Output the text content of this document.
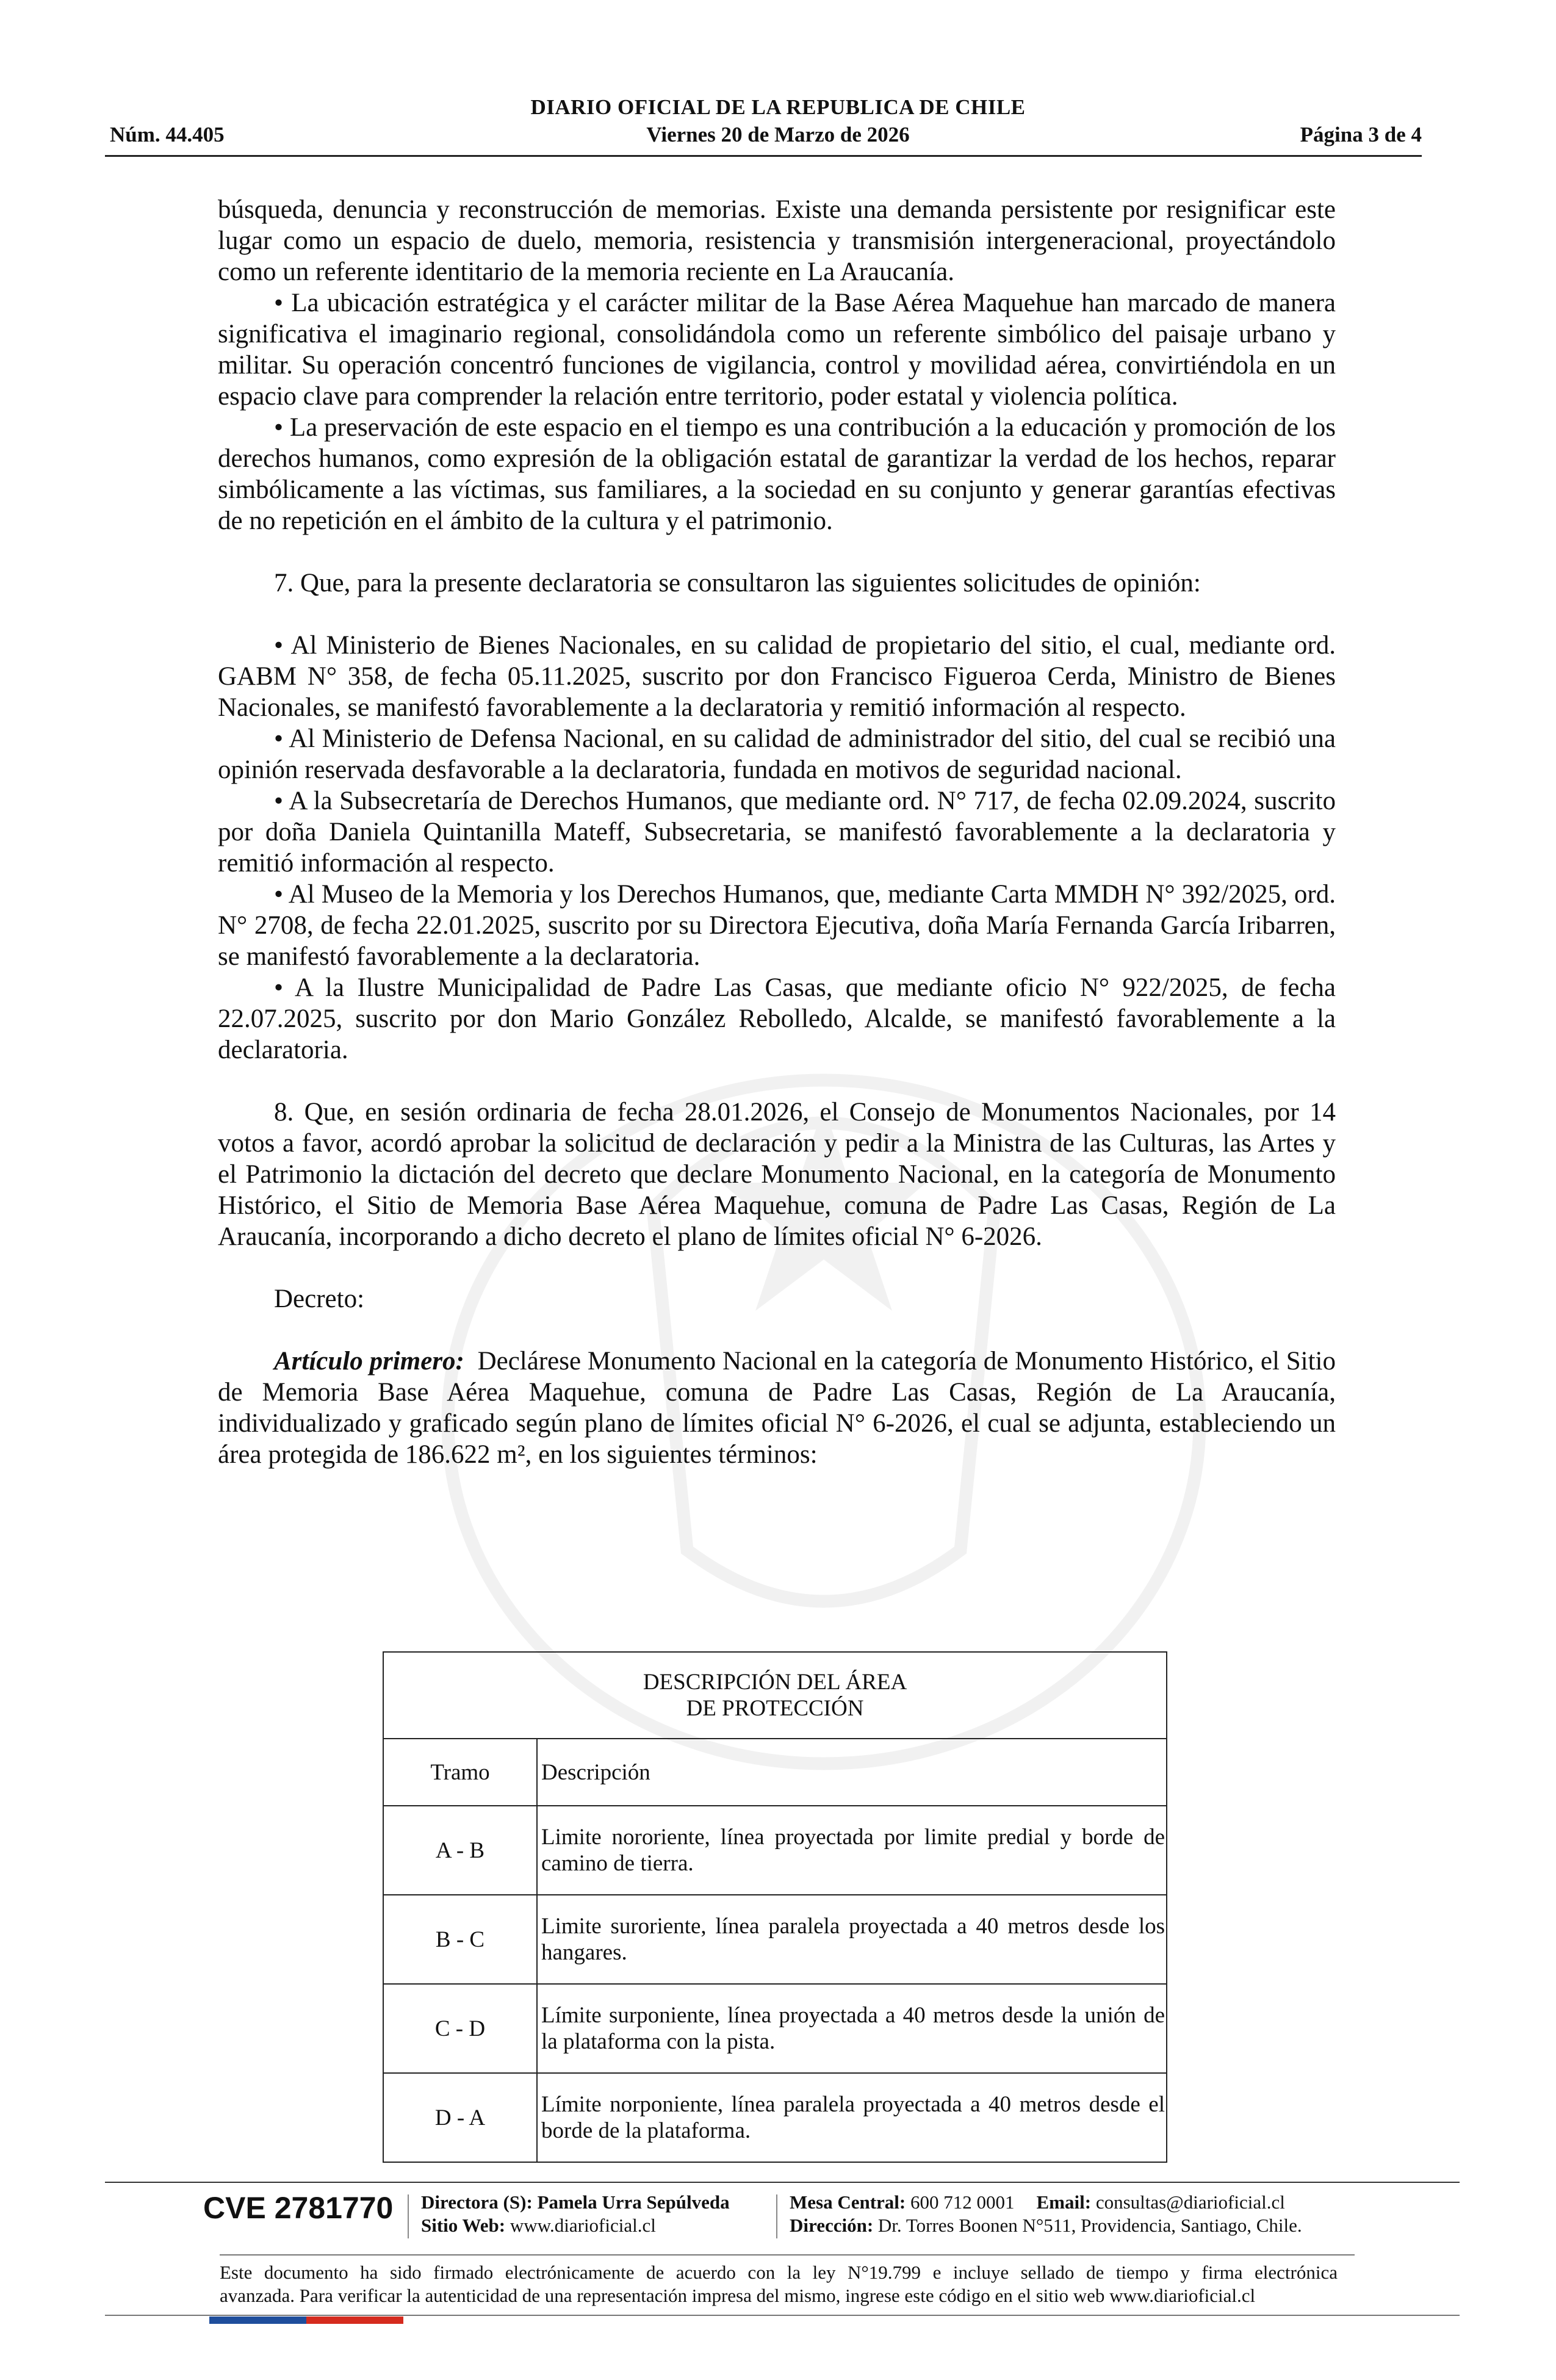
DIARIO OFICIAL DE LA REPUBLICA DE CHILE
Núm. 44.405	Viernes 20 de Marzo de 2026	Página 3 de 4

búsqueda, denuncia y reconstrucción de memorias. Existe una demanda persistente por resignificar este lugar como un espacio de duelo, memoria, resistencia y transmisión intergeneracional, proyectándolo como un referente identitario de la memoria reciente en La Araucanía.

• La ubicación estratégica y el carácter militar de la Base Aérea Maquehue han marcado de manera significativa el imaginario regional, consolidándola como un referente simbólico del paisaje urbano y militar. Su operación concentró funciones de vigilancia, control y movilidad aérea, convirtiéndola en un espacio clave para comprender la relación entre territorio, poder estatal y violencia política.

• La preservación de este espacio en el tiempo es una contribución a la educación y promoción de los derechos humanos, como expresión de la obligación estatal de garantizar la verdad de los hechos, reparar simbólicamente a las víctimas, sus familiares, a la sociedad en su conjunto y generar garantías efectivas de no repetición en el ámbito de la cultura y el patrimonio.

7. Que, para la presente declaratoria se consultaron las siguientes solicitudes de opinión:

• Al Ministerio de Bienes Nacionales, en su calidad de propietario del sitio, el cual, mediante ord. GABM N° 358, de fecha 05.11.2025, suscrito por don Francisco Figueroa Cerda, Ministro de Bienes Nacionales, se manifestó favorablemente a la declaratoria y remitió información al respecto.

• Al Ministerio de Defensa Nacional, en su calidad de administrador del sitio, del cual se recibió una opinión reservada desfavorable a la declaratoria, fundada en motivos de seguridad nacional.

• A la Subsecretaría de Derechos Humanos, que mediante ord. N° 717, de fecha 02.09.2024, suscrito por doña Daniela Quintanilla Mateff, Subsecretaria, se manifestó favorablemente a la declaratoria y remitió información al respecto.

• Al Museo de la Memoria y los Derechos Humanos, que, mediante Carta MMDH N° 392/2025, ord. N° 2708, de fecha 22.01.2025, suscrito por su Directora Ejecutiva, doña María Fernanda García Iribarren, se manifestó favorablemente a la declaratoria.

• A la Ilustre Municipalidad de Padre Las Casas, que mediante oficio N° 922/2025, de fecha 22.07.2025, suscrito por don Mario González Rebolledo, Alcalde, se manifestó favorablemente a la declaratoria.

8. Que, en sesión ordinaria de fecha 28.01.2026, el Consejo de Monumentos Nacionales, por 14 votos a favor, acordó aprobar la solicitud de declaración y pedir a la Ministra de las Culturas, las Artes y el Patrimonio la dictación del decreto que declare Monumento Nacional, en la categoría de Monumento Histórico, el Sitio de Memoria Base Aérea Maquehue, comuna de Padre Las Casas, Región de La Araucanía, incorporando a dicho decreto el plano de límites oficial N° 6-2026.

Decreto:

Artículo primero: Declárese Monumento Nacional en la categoría de Monumento Histórico, el Sitio de Memoria Base Aérea Maquehue, comuna de Padre Las Casas, Región de La Araucanía, individualizado y graficado según plano de límites oficial N° 6-2026, el cual se adjunta, estableciendo un área protegida de 186.622 m², en los siguientes términos:

DESCRIPCIÓN DEL ÁREA
DE PROTECCIÓN	

Tramo	Descripción
A - B	Limite nororiente, línea proyectada por limite predial y borde de camino de tierra.
B - C	Limite suroriente, línea paralela proyectada a 40 metros desde los hangares.
C - D	Límite surponiente, línea proyectada a 40 metros desde la unión de la plataforma con la pista.
D - A	Límite norponiente, línea paralela proyectada a 40 metros desde el borde de la plataforma.
CVE 2781770 Directora (S): Pamela Urra Sepúlveda
Sitio Web: www.diarioficial.cl
Mesa Central: 600 712 0001 Email: consultas@diarioficial.cl
Dirección: Dr. Torres Boonen N°511, Providencia, Santiago, Chile.

Este documento ha sido firmado electrónicamente de acuerdo con la ley N°19.799 e incluye sellado de tiempo y firma electrónica

avanzada. Para verificar la autenticidad de una representación impresa del mismo, ingrese este código en el sitio web www.diarioficial.cl
